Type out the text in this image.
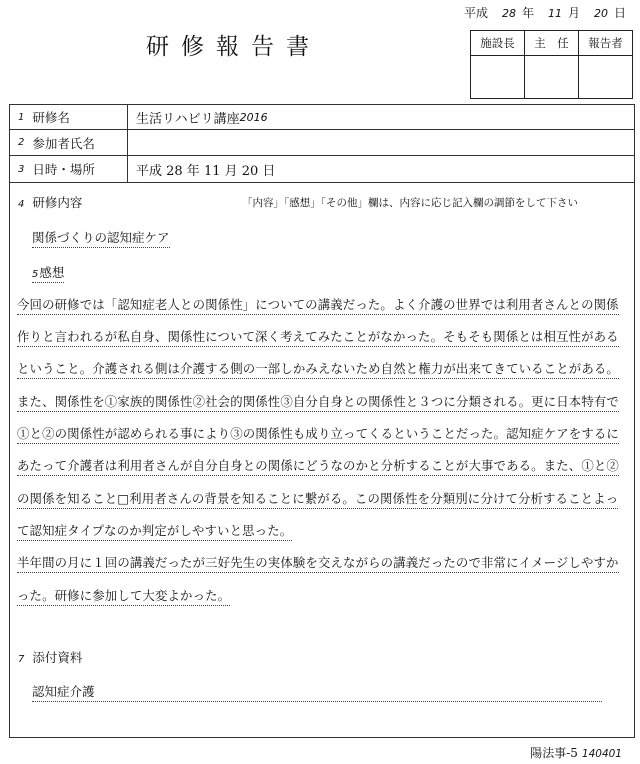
平成 28 年 11 月 20 日
研修報告書	施設長	主　任	報告者

1 研修名	生活リハビリ講座 2016
2 参加者氏名
3 日時・場所	平成 28 年 11 月 20 日
4 研修内容	「内容」「感想」「その他」欄は、内容に応じ記入欄の調節をして下さい
関係づくりの認知症ケア
5感想
今回の研修では「認知症老人との関係性」についての講義だった。よく介護の世界では利用者さんとの関係
作りと言われるが私自身、関係性について深く考えてみたことがなかった。そもそも関係とは相互性がある
ということ。介護される側は介護する側の一部しかみえないため自然と権力が出来てきていることがある。
また、関係性を①家族的関係性②社会的関係性③自分自身との関係性と３つに分類される。更に日本特有で
①と②の関係性が認められる事により③の関係性も成り立ってくるということだった。認知症ケアをするに
あたって介護者は利用者さんが自分自身との関係にどうなのかと分析することが大事である。また、①と②
の関係を知ること□利用者さんの背景を知ることに繋がる。この関係性を分類別に分けて分析することよっ
て認知症タイプなのか判定がしやすいと思った。
半年間の月に１回の講義だったが三好先生の実体験を交えながらの講義だったので非常にイメージしやすか
った。研修に参加して大変よかった。
7 添付資料
認知症介護
陽法事-5 140401
